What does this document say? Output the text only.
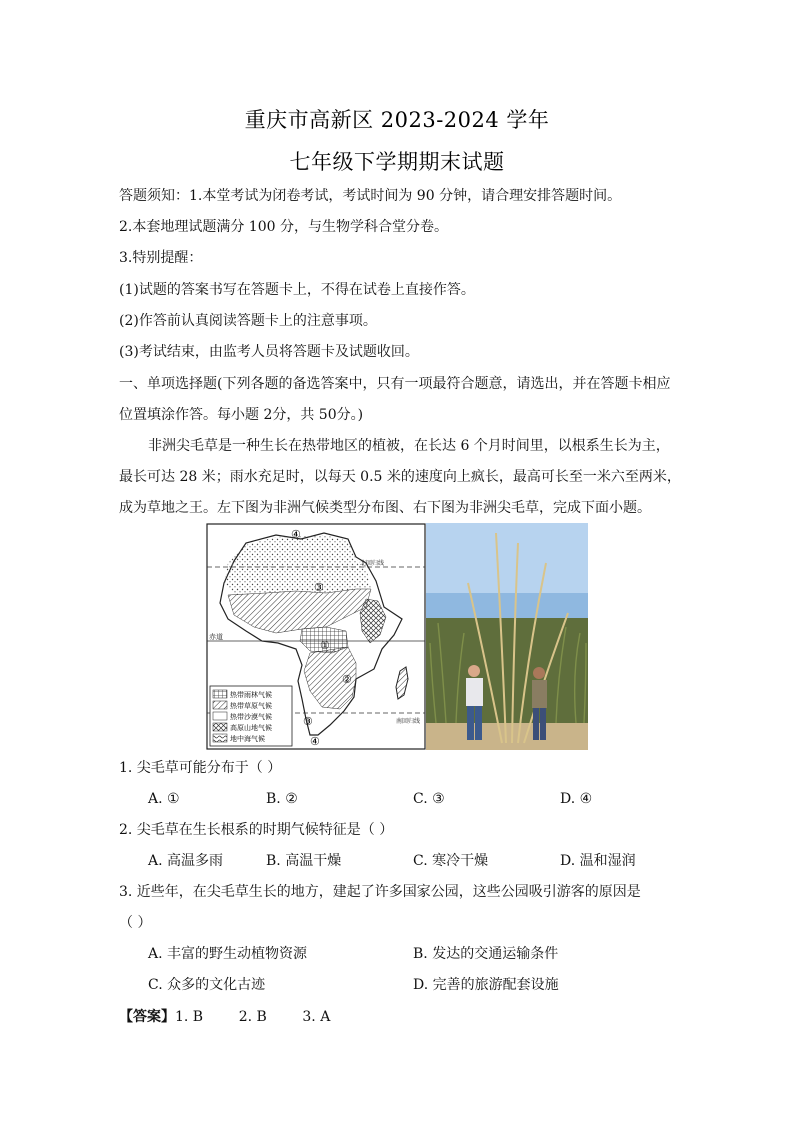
重庆市高新区 2023-2024 学年
七年级下学期期末试题
答题须知：1.本堂考试为闭卷考试，考试时间为 90 分钟，请合理安排答题时间。
2.本套地理试题满分 100 分，与生物学科合堂分卷。
3.特别提醒：
(1)试题的答案书写在答题卡上，不得在试卷上直接作答。
(2)作答前认真阅读答题卡上的注意事项。
(3)考试结束，由监考人员将答题卡及试题收回。
一、单项选择题(下列各题的备选答案中，只有一项最符合题意，请选出，并在答题卡相应
位置填涂作答。每小题 2分，共 50分。)
非洲尖毛草是一种生长在热带地区的植被，在长达 6 个月时间里，以根系生长为主，
最长可达 28 米；雨水充足时，以每天 0.5 米的速度向上疯长，最高可长至一米六至两米，
成为草地之王。左下图为非洲气候类型分布图、右下图为非洲尖毛草，完成下面小题。
北回归线
赤道
南回归线
④
③
①
②
③
④
热带雨林气候
热带草原气候
热带沙漠气候
高原山地气候
地中海气候
1. 尖毛草可能分布于（ ）
A. ①	B. ②	C. ③	D. ④
2. 尖毛草在生长根系的时期气候特征是（ ）
A. 高温多雨	B. 高温干燥	C. 寒冷干燥	D. 温和湿润
3. 近些年，在尖毛草生长的地方，建起了许多国家公园，这些公园吸引游客的原因是
（ ）
A. 丰富的野生动植物资源	B. 发达的交通运输条件
C. 众多的文化古迹	D. 完善的旅游配套设施
【答案】1. B        2. B        3. A
